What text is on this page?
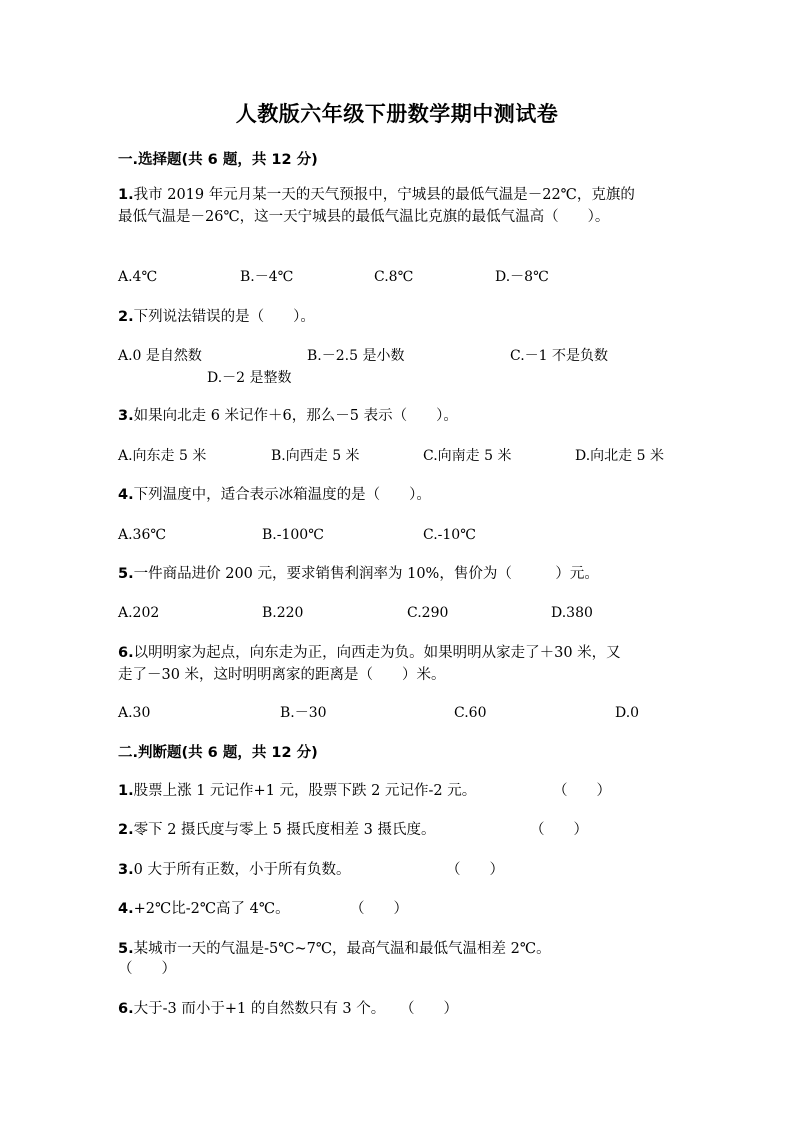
人教版六年级下册数学期中测试卷
一.选择题(共 6 题，共 12 分)
1.我市 2019 年元月某一天的天气预报中，宁城县的最低气温是－22℃，克旗的
最低气温是－26℃，这一天宁城县的最低气温比克旗的最低气温高（　　）。
A.4℃	B.－4℃	C.8℃	D.－8℃
2.下列说法错误的是（　　）。
A.0 是自然数	B.－2.5 是小数	C.－1 不是负数
D.－2 是整数
3.如果向北走 6 米记作＋6，那么－5 表示（　　）。
A.向东走 5 米	B.向西走 5 米	C.向南走 5 米	D.向北走 5 米
4.下列温度中，适合表示冰箱温度的是（　　）。
A.36℃	B.-100℃	C.-10℃
5.一件商品进价 200 元，要求销售利润率为 10%，售价为（　　　）元。
A.202	B.220	C.290	D.380
6.以明明家为起点，向东走为正，向西走为负。如果明明从家走了＋30 米，又
走了－30 米，这时明明离家的距离是（　　）米。
A.30	B.－30	C.60	D.0
二.判断题(共 6 题，共 12 分)
1.股票上涨 1 元记作+1 元，股票下跌 2 元记作-2 元。	（　　）
2.零下 2 摄氏度与零上 5 摄氏度相差 3 摄氏度。	（　　）
3.0 大于所有正数，小于所有负数。	（　　）
4.+2℃比-2℃高了 4℃。	（　　）
5.某城市一天的气温是-5℃~7℃，最高气温和最低气温相差 2℃。
（　　）
6.大于-3 而小于+1 的自然数只有 3 个。 （　　）
